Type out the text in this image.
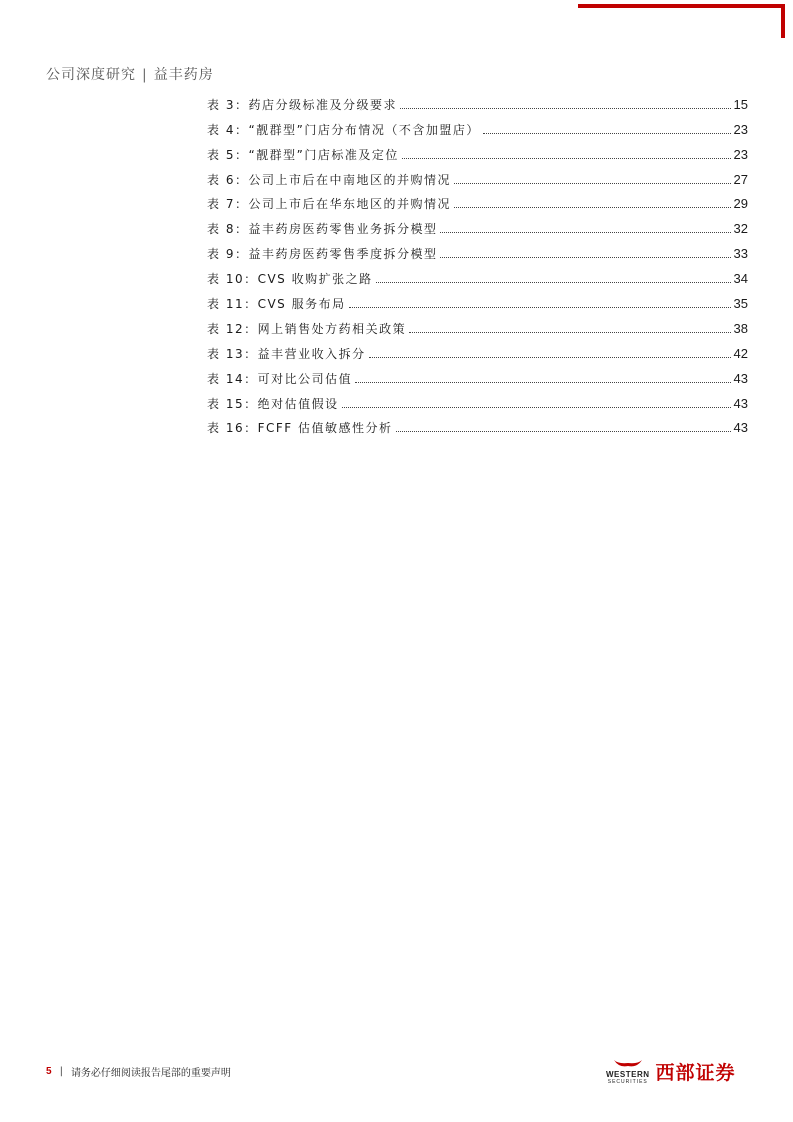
公司深度研究 | 益丰药房
表 3：药店分级标准及分级要求	15
表 4：“靓群型”门店分布情况（不含加盟店）	23
表 5：“靓群型”门店标准及定位	23
表 6：公司上市后在中南地区的并购情况	27
表 7：公司上市后在华东地区的并购情况	29
表 8：益丰药房医药零售业务拆分模型	32
表 9：益丰药房医药零售季度拆分模型	33
表 10：CVS 收购扩张之路	34
表 11：CVS 服务布局	35
表 12：网上销售处方药相关政策	38
表 13：益丰营业收入拆分	42
表 14：可对比公司估值	43
表 15：绝对估值假设	43
表 16：FCFF 估值敏感性分析	43
5 | 请务必仔细阅读报告尾部的重要声明	WESTERN
SECURITIES 西部证券
